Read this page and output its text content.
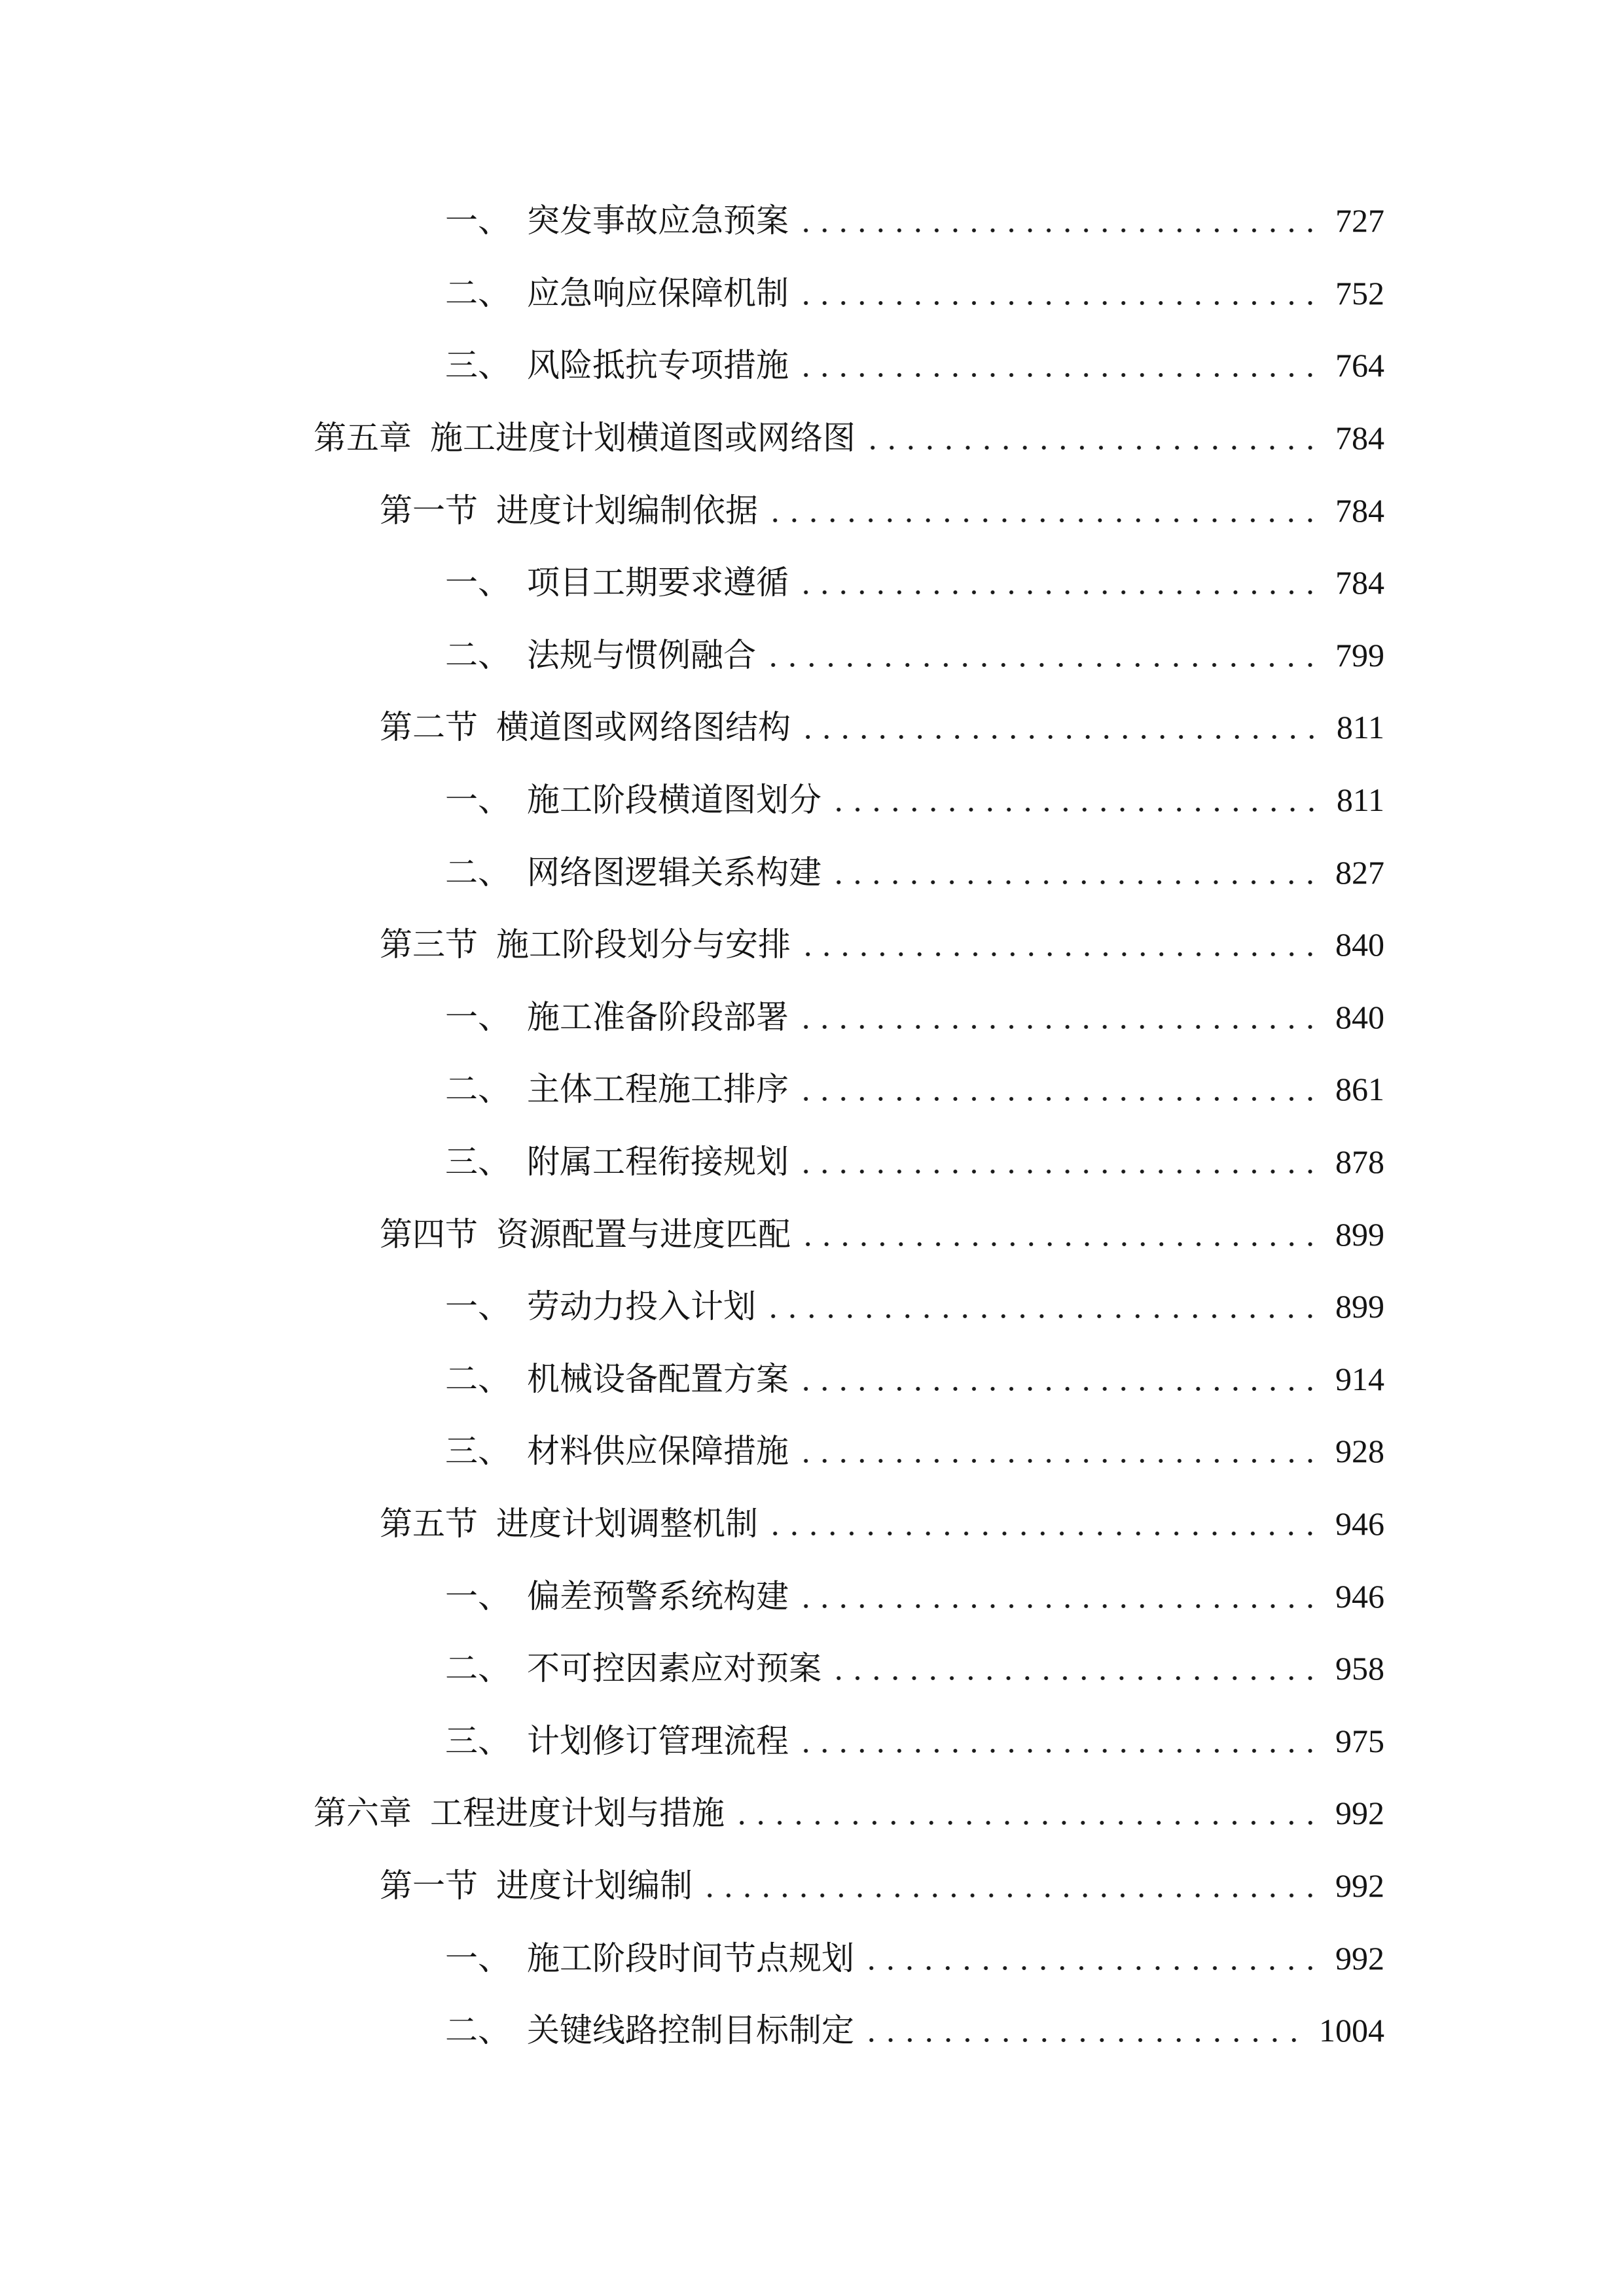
一、 突发事故应急预案	727
二、 应急响应保障机制	752
三、 风险抵抗专项措施	764
第五章 施工进度计划横道图或网络图	784
第一节 进度计划编制依据	784
一、 项目工期要求遵循	784
二、 法规与惯例融合	799
第二节 横道图或网络图结构	811
一、 施工阶段横道图划分	811
二、 网络图逻辑关系构建	827
第三节 施工阶段划分与安排	840
一、 施工准备阶段部署	840
二、 主体工程施工排序	861
三、 附属工程衔接规划	878
第四节 资源配置与进度匹配	899
一、 劳动力投入计划	899
二、 机械设备配置方案	914
三、 材料供应保障措施	928
第五节 进度计划调整机制	946
一、 偏差预警系统构建	946
二、 不可控因素应对预案	958
三、 计划修订管理流程	975
第六章 工程进度计划与措施	992
第一节 进度计划编制	992
一、 施工阶段时间节点规划	992
二、 关键线路控制目标制定	1004
